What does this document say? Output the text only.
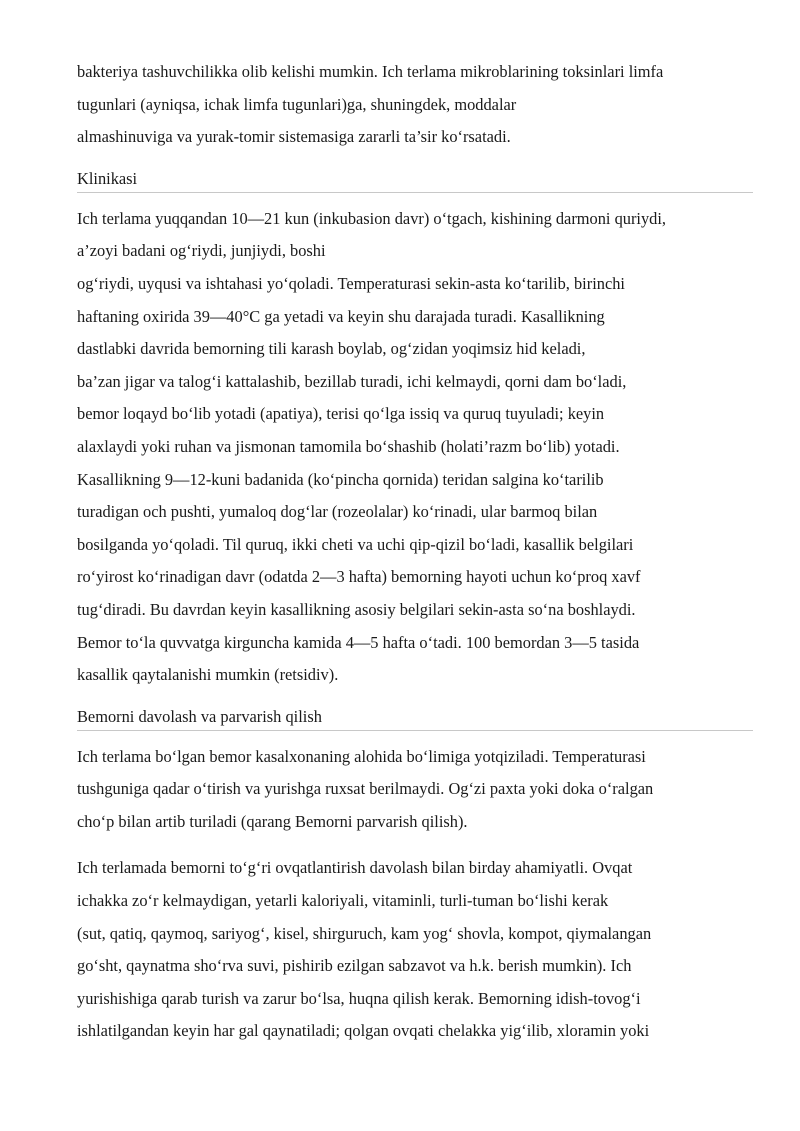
bakteriya tashuvchilikka olib kelishi mumkin. Ich terlama mikroblarining toksinlari limfa
tugunlari (ayniqsa, ichak limfa tugunlari)ga, shuningdek, moddalar
almashinuviga va yurak-tomir sistemasiga zararli ta’sir ko‘rsatadi.

Klinikasi

Ich terlama yuqqandan 10—21 kun (inkubasion davr) o‘tgach, kishining darmoni quriydi,
a’zoyi badani og‘riydi, junjiydi, boshi
og‘riydi, uyqusi va ishtahasi yo‘qoladi. Temperaturasi sekin-asta ko‘tarilib, birinchi
haftaning oxirida 39—40°C ga yetadi va keyin shu darajada turadi. Kasallikning
dastlabki davrida bemorning tili karash boylab, og‘zidan yoqimsiz hid keladi,
ba’zan jigar va talog‘i kattalashib, bezillab turadi, ichi kelmaydi, qorni dam bo‘ladi,
bemor loqayd bo‘lib yotadi (apatiya), terisi qo‘lga issiq va quruq tuyuladi; keyin
alaxlaydi yoki ruhan va jismonan tamomila bo‘shashib (holati’razm bo‘lib) yotadi.
Kasallikning 9—12-kuni badanida (ko‘pincha qornida) teridan salgina ko‘tarilib
turadigan och pushti, yumaloq dog‘lar (rozeolalar) ko‘rinadi, ular barmoq bilan
bosilganda yo‘qoladi. Til quruq, ikki cheti va uchi qip-qizil bo‘ladi, kasallik belgilari
ro‘yirost ko‘rinadigan davr (odatda 2—3 hafta) bemorning hayoti uchun ko‘proq xavf
tug‘diradi. Bu davrdan keyin kasallikning asosiy belgilari sekin-asta so‘na boshlaydi.
Bemor to‘la quvvatga kirguncha kamida 4—5 hafta o‘tadi. 100 bemordan 3—5 tasida
kasallik qaytalanishi mumkin (retsidiv).

Bemorni davolash va parvarish qilish

Ich terlama bo‘lgan bemor kasalxonaning alohida bo‘limiga yotqiziladi. Temperaturasi
tushguniga qadar o‘tirish va yurishga ruxsat berilmaydi. Og‘zi paxta yoki doka o‘ralgan
cho‘p bilan artib turiladi (qarang Bemorni parvarish qilish).

Ich terlamada bemorni to‘g‘ri ovqatlantirish davolash bilan birday ahamiyatli. Ovqat
ichakka zo‘r kelmaydigan, yetarli kaloriyali, vitaminli, turli-tuman bo‘lishi kerak
(sut, qatiq, qaymoq, sariyog‘, kisel, shirguruch, kam yog‘ shovla, kompot, qiymalangan
go‘sht, qaynatma sho‘rva suvi, pishirib ezilgan sabzavot va h.k. berish mumkin). Ich
yurishishiga qarab turish va zarur bo‘lsa, huqna qilish kerak. Bemorning idish-tovog‘i
ishlatilgandan keyin har gal qaynatiladi; qolgan ovqati chelakka yig‘ilib, xloramin yoki
